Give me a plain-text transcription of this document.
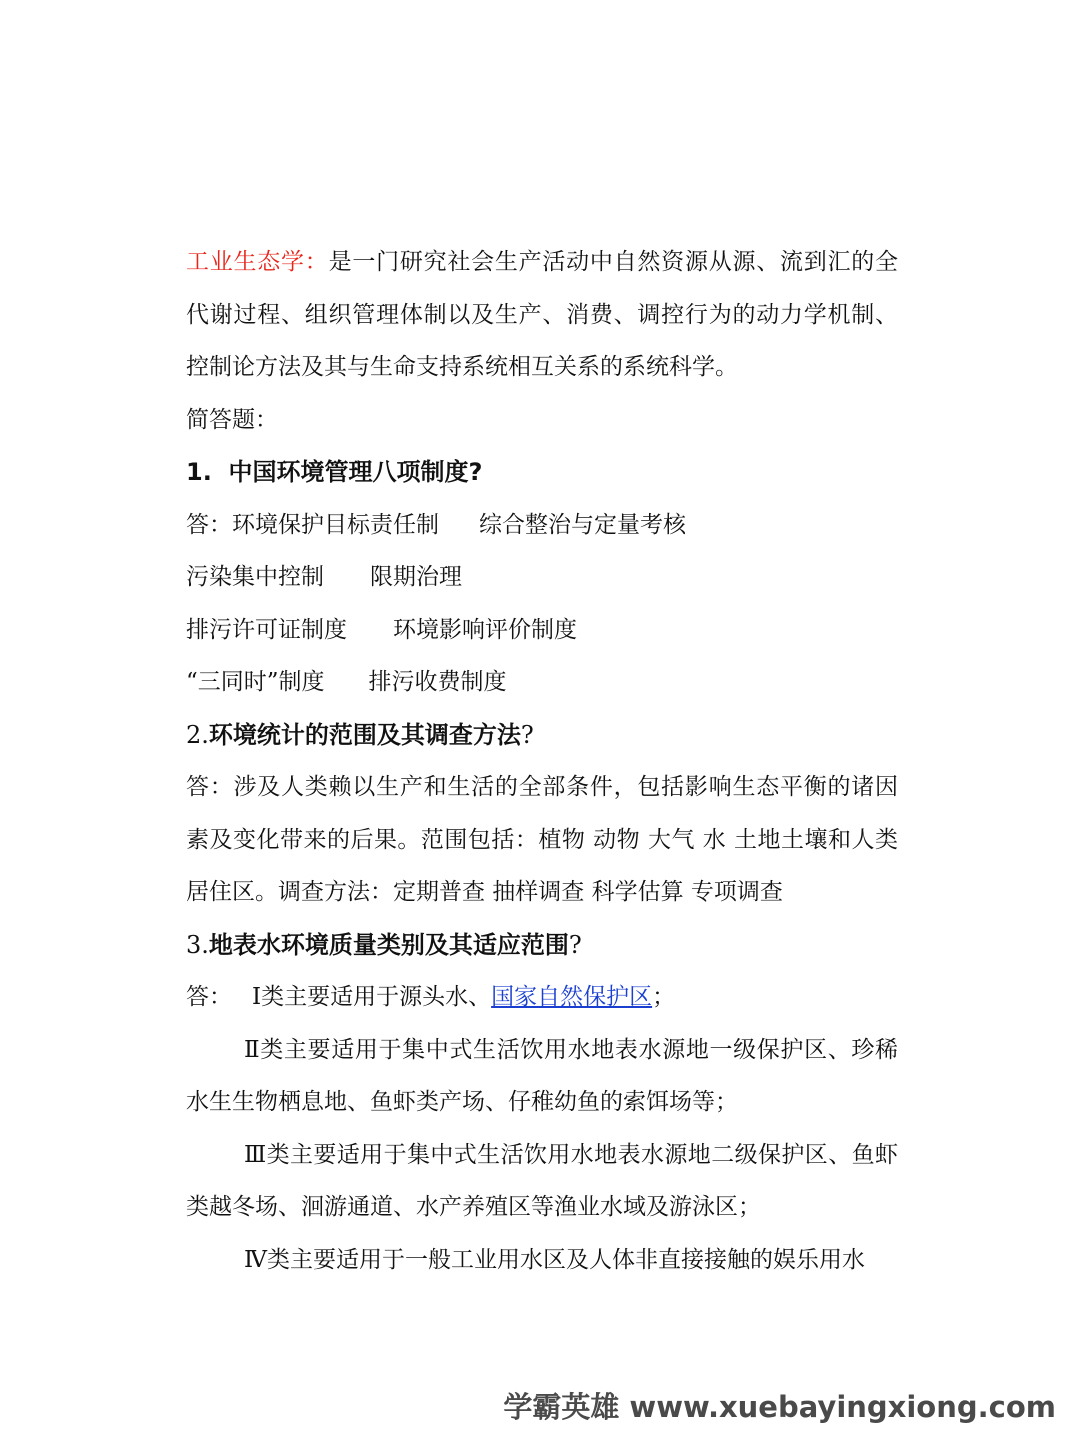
工业生态学：是一门研究社会生产活动中自然资源从源、流到汇的全代谢过程、组织管理体制以及生产、消费、调控行为的动力学机制、控制论方法及其与生命支持系统相互关系的系统科学。

简答题：
1. 中国环境管理八项制度?
答：环境保护目标责任制 综合整治与定量考核
污染集中控制 限期治理
排污许可证制度 环境影响评价制度
“三同时”制度 排污收费制度
2.环境统计的范围及其调查方法?

答：涉及人类赖以生产和生活的全部条件，包括影响生态平衡的诸因素及变化带来的后果。范围包括：植物 动物 大气 水 土地土壤和人类居住区。调查方法：定期普查 抽样调查 科学估算 专项调查

3.地表水环境质量类别及其适应范围?
答： Ⅰ类主要适用于源头水、国家自然保护区；

Ⅱ类主要适用于集中式生活饮用水地表水源地一级保护区、珍稀水生生物栖息地、鱼虾类产场、仔稚幼鱼的索饵场等；

Ⅲ类主要适用于集中式生活饮用水地表水源地二级保护区、鱼虾类越冬场、洄游通道、水产养殖区等渔业水域及游泳区；

Ⅳ类主要适用于一般工业用水区及人体非直接接触的娱乐用水

学霸英雄 www.xuebayingxiong.com
